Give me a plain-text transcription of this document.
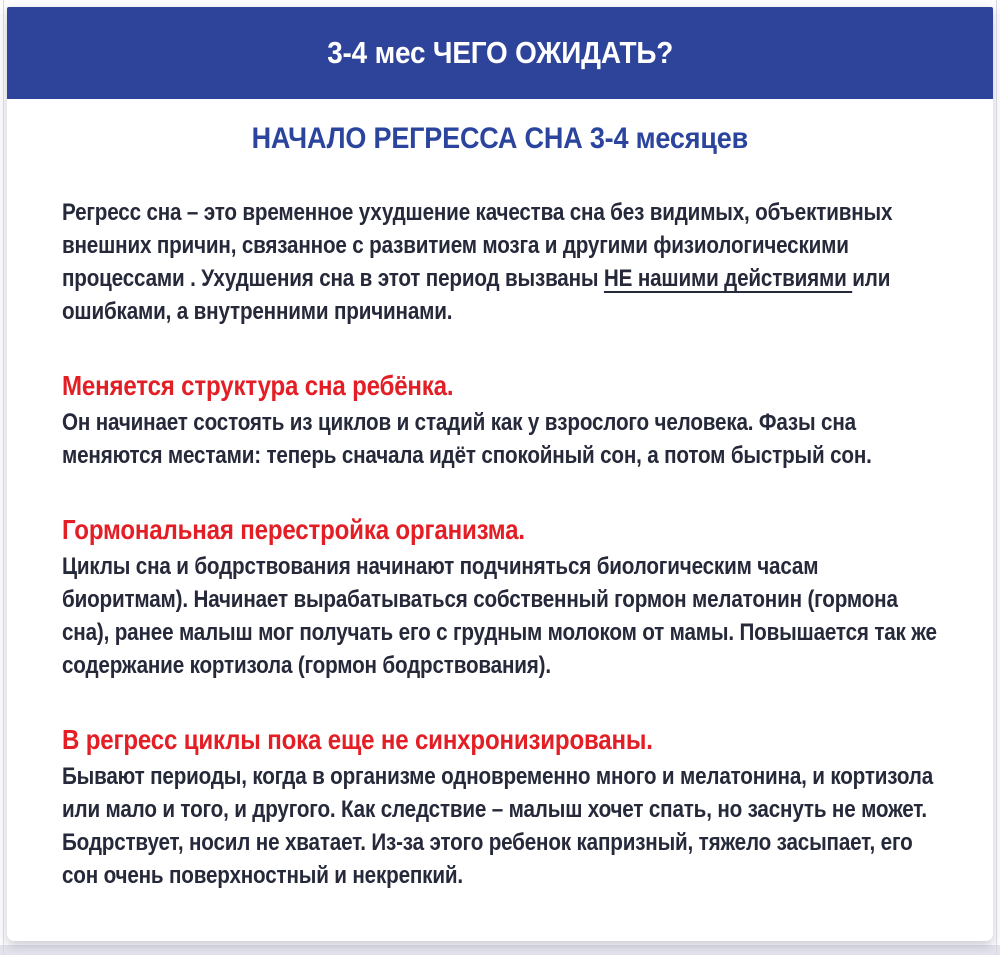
3-4 мес ЧЕГО ОЖИДАТЬ?
НАЧАЛО РЕГРЕССА СНА 3-4 месяцев

Регресс сна – это временное ухудшение качества сна без видимых, объективных внешних причин, связанное с развитием мозга и другими физиологическими процессами . Ухудшения сна в этот период вызваны НЕ нашими действиями или ошибками, а внутренними причинами.

Меняется структура сна ребёнка.

Он начинает состоять из циклов и стадий как у взрослого человека. Фазы сна меняются местами: теперь сначала идёт спокойный сон, а потом быстрый сон.

Гормональная перестройка организма.

Циклы сна и бодрствования начинают подчиняться биологическим часам биоритмам). Начинает вырабатываться собственный гормон мелатонин (гормона сна), ранее малыш мог получать его с грудным молоком от мамы. Повышается так же содержание кортизола (гормон бодрствования).

В регресс циклы пока еще не синхронизированы.

Бывают периоды, когда в организме одновременно много и мелатонина, и кортизола или мало и того, и другого. Как следствие – малыш хочет спать, но заснуть не может. Бодрствует, носил не хватает. Из-за этого ребенок капризный, тяжело засыпает, его сон очень поверхностный и некрепкий.
